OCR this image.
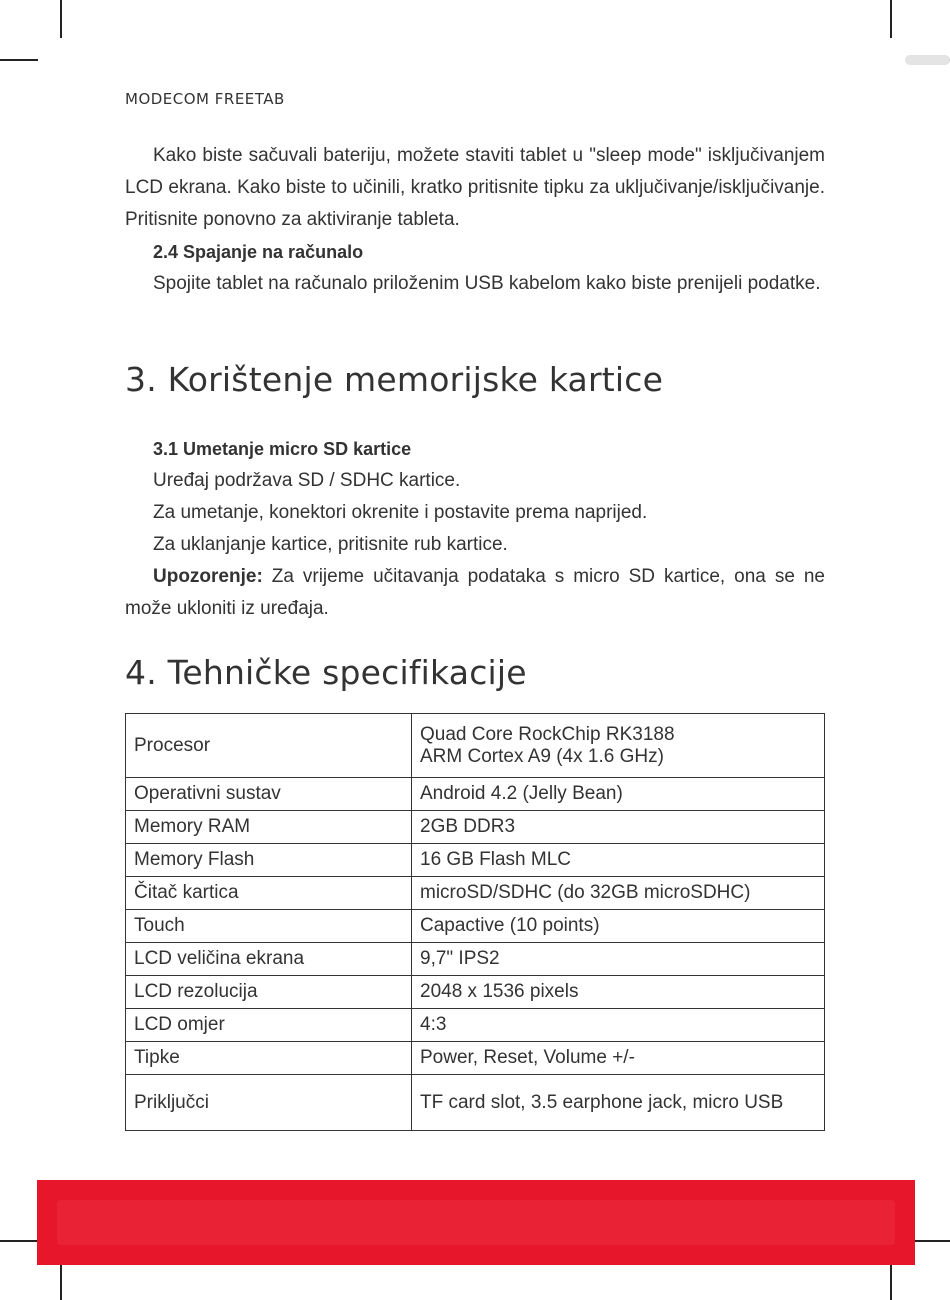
MODECOM FREETAB

Kako biste sačuvali bateriju, možete staviti tablet u "sleep mode" isključivanjem LCD ekrana. Kako biste to učinili, kratko pritisnite tipku za uključivanje/isključivanje. Pritisnite ponovno za aktiviranje tableta.

2.4 Spajanje na računalo

Spojite tablet na računalo priloženim USB kabelom kako biste prenijeli podatke.

3. Korištenje memorijske kartice

3.1 Umetanje micro SD kartice

Uređaj podržava SD / SDHC kartice.

Za umetanje, konektori okrenite i postavite prema naprijed.

Za uklanjanje kartice, pritisnite rub kartice.

Upozorenje: Za vrijeme učitavanja podataka s micro SD kartice, ona se ne može ukloniti iz uređaja.

4. Tehničke specifikacije
Procesor	Quad Core RockChip RK3188
ARM Cortex A9 (4x 1.6 GHz)

Operativni sustav	Android 4.2 (Jelly Bean)
Memory RAM	2GB DDR3
Memory Flash	16 GB Flash MLC
Čitač kartica	microSD/SDHC (do 32GB microSDHC)
Touch	Capactive (10 points)
LCD veličina ekrana	9,7" IPS2
LCD rezolucija	2048 x 1536 pixels
LCD omjer	4:3
Tipke	Power, Reset, Volume +/-
Priključci	TF card slot, 3.5 earphone jack, micro USB
